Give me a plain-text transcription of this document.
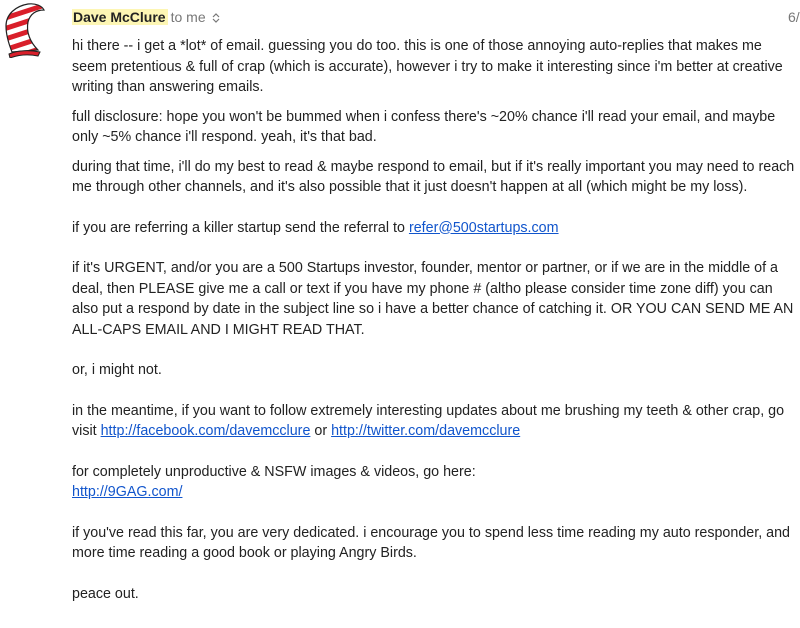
Dave McClure to me	6/

hi there -- i get a *lot* of email. guessing you do too. this is one of those annoying auto-replies that makes me seem pretentious & full of crap (which is accurate), however i try to make it interesting since i'm better at creative writing than answering emails.

full disclosure: hope you won't be bummed when i confess there's ~20% chance i'll read your email, and maybe only ~5% chance i'll respond. yeah, it's that bad.

during that time, i'll do my best to read & maybe respond to email, but if it's really important you may need to reach me through other channels, and it's also possible that it just doesn't happen at all (which might be my loss).

if you are referring a killer startup send the referral to refer@500startups.com

if it's URGENT, and/or you are a 500 Startups investor, founder, mentor or partner, or if we are in the middle of a deal, then PLEASE give me a call or text if you have my phone # (altho please consider time zone diff) you can also put a respond by date in the subject line so i have a better chance of catching it. OR YOU CAN SEND ME AN ALL-CAPS EMAIL AND I MIGHT READ THAT.

or, i might not.

in the meantime, if you want to follow extremely interesting updates about me brushing my teeth & other crap, go visit http://facebook.com/davemcclure or http://twitter.com/davemcclure

for completely unproductive & NSFW images & videos, go here:
http://9GAG.com/

if you've read this far, you are very dedicated. i encourage you to spend less time reading my auto responder, and more time reading a good book or playing Angry Birds.

peace out.
